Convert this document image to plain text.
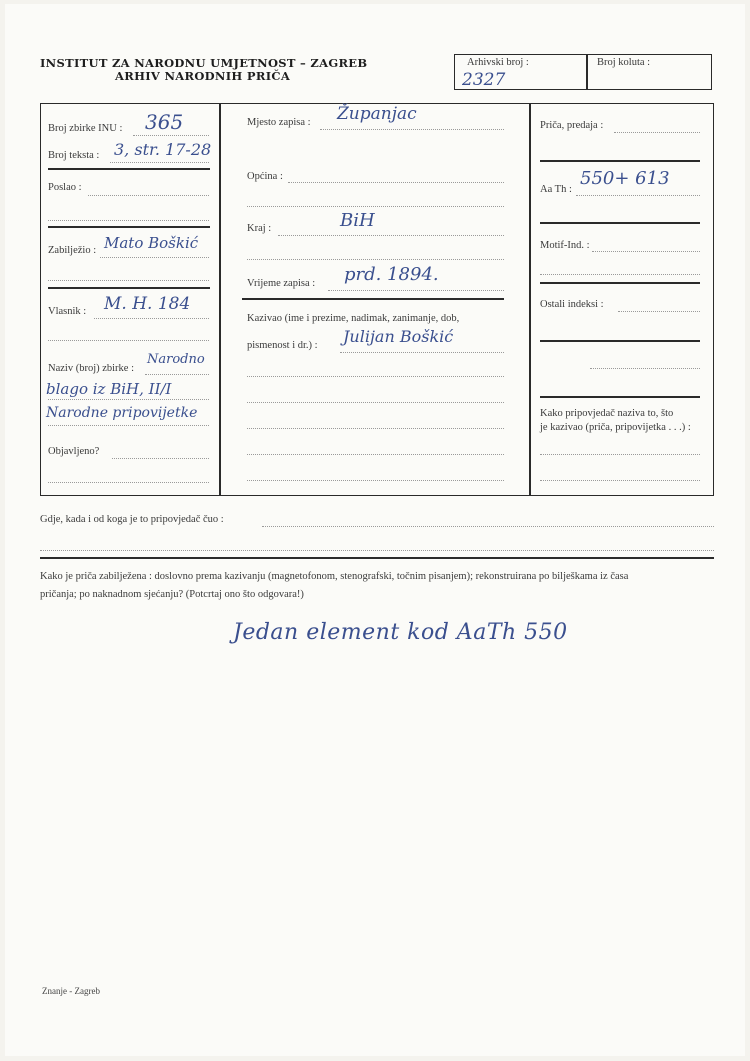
INSTITUT ZA NARODNU UMJETNOST – ZAGREB
ARHIV NARODNIH PRIČA
Arhivski broj :
2327
Broj koluta :
Broj zbirke INU : 365
Broj teksta : 3, str. 17-28
Poslao :
Zabilježio : Mato Boškić
Vlasnik : M. H. 184
Naziv (broj) zbirke :
Narodno
blago iz BiH, II/I
Narodne pripovijetke
Objavljeno?
Mjesto zapisa : Županjac
Općina :
Kraj :	BiH
Vrijeme zapisa : prd. 1894.
Kazivao (ime i prezime, nadimak, zanimanje, dob,
pismenost i dr.) : Julijan Boškić
Priča, predaja :
Aa Th :
550+ 613
Motif-Ind. :
Ostali indeksi :
Kako pripovjedač naziva to, što
je kazivao (priča, pripovijetka . . .) :
Gdje, kada i od koga je to pripovjedač čuo :
Kako je priča zabilježena : doslovno prema kazivanju (magnetofonom, stenografski, točnim pisanjem); rekonstruirana po bilješkama iz časa
pričanja; po naknadnom sjećanju? (Potcrtaj ono što odgovara!)
Jedan element kod AaTh 550
Znanje - Zagreb
